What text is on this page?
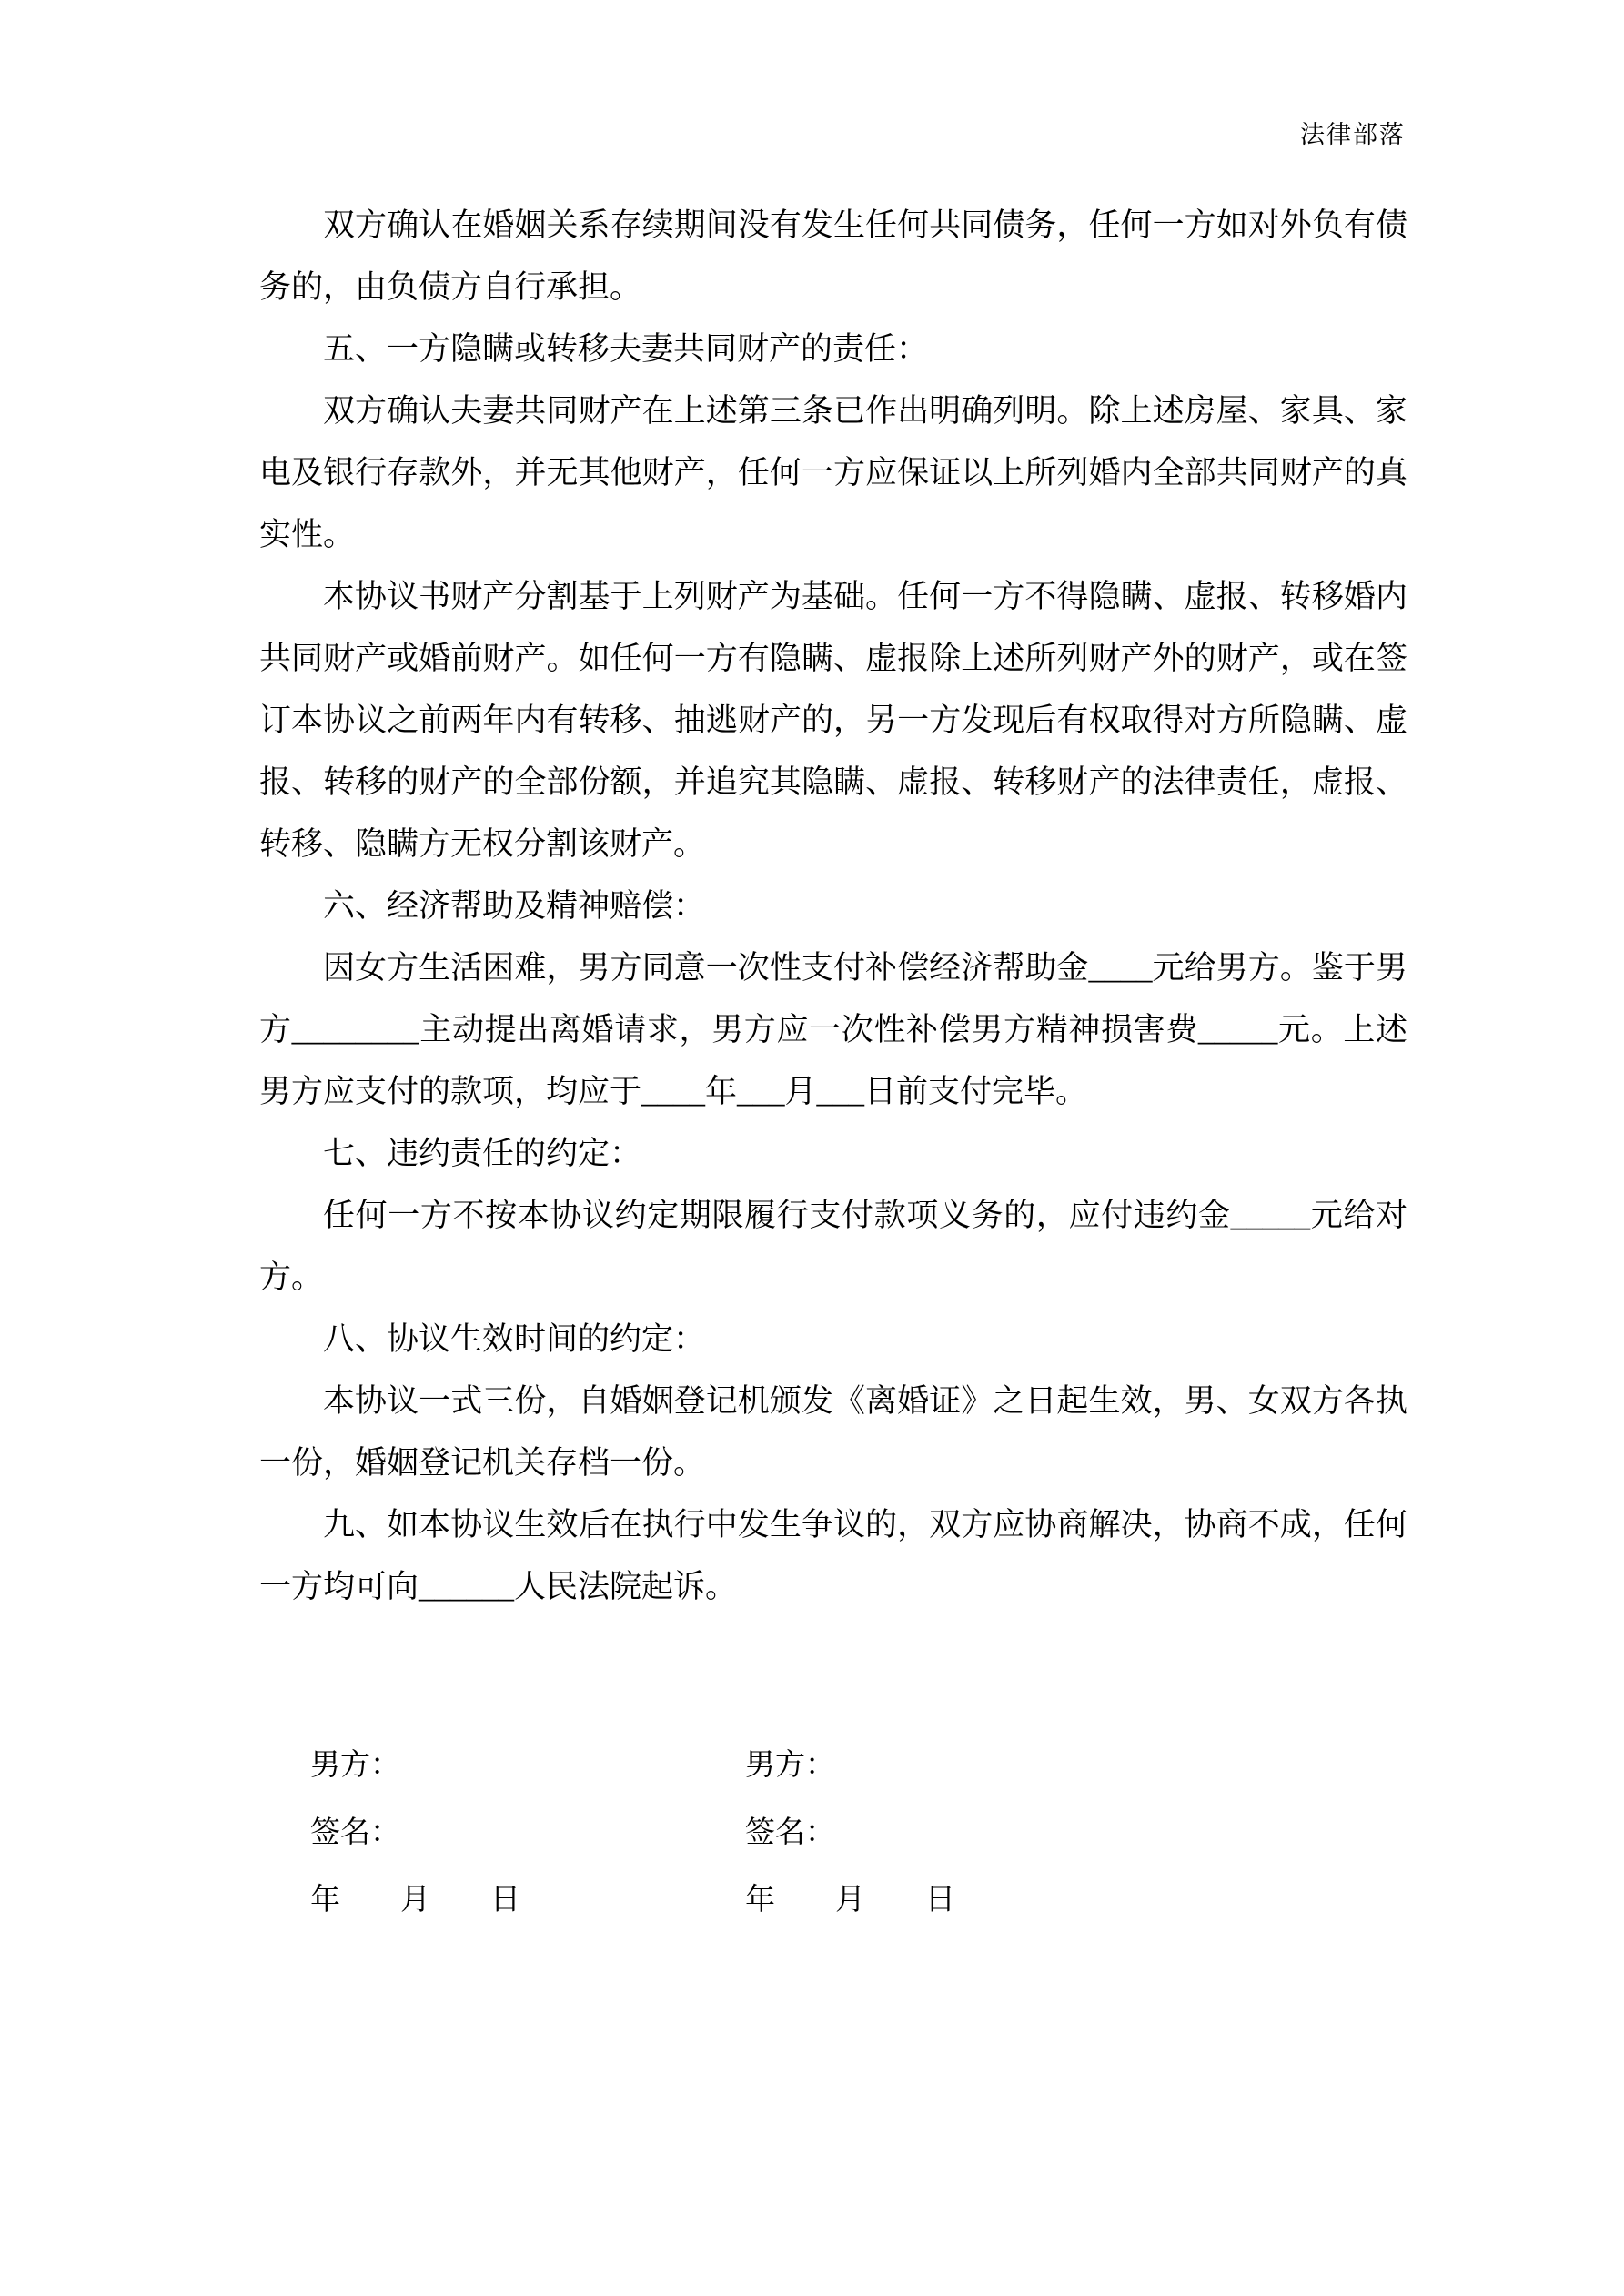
法律部落

双方确认在婚姻关系存续期间没有发生任何共同债务，任何一方如对外负有债务的，由负债方自行承担。

五、一方隐瞒或转移夫妻共同财产的责任：

双方确认夫妻共同财产在上述第三条已作出明确列明。除上述房屋、家具、家电及银行存款外，并无其他财产，任何一方应保证以上所列婚内全部共同财产的真实性。

本协议书财产分割基于上列财产为基础。任何一方不得隐瞒、虚报、转移婚内共同财产或婚前财产。如任何一方有隐瞒、虚报除上述所列财产外的财产，或在签订本协议之前两年内有转移、抽逃财产的，另一方发现后有权取得对方所隐瞒、虚报、转移的财产的全部份额，并追究其隐瞒、虚报、转移财产的法律责任，虚报、转移、隐瞒方无权分割该财产。

六、经济帮助及精神赔偿：

因女方生活困难，男方同意一次性支付补偿经济帮助金____元给男方。鉴于男方________主动提出离婚请求，男方应一次性补偿男方精神损害费_____元。上述男方应支付的款项，均应于____年___月___日前支付完毕。

七、违约责任的约定：

任何一方不按本协议约定期限履行支付款项义务的，应付违约金_____元给对方。

八、协议生效时间的约定：

本协议一式三份，自婚姻登记机颁发《离婚证》之日起生效，男、女双方各执一份，婚姻登记机关存档一份。

九、如本协议生效后在执行中发生争议的，双方应协商解决，协商不成，任何一方均可向______人民法院起诉。

男方：
签名：
年　　月　　日
男方：
签名：
年　　月　　日
